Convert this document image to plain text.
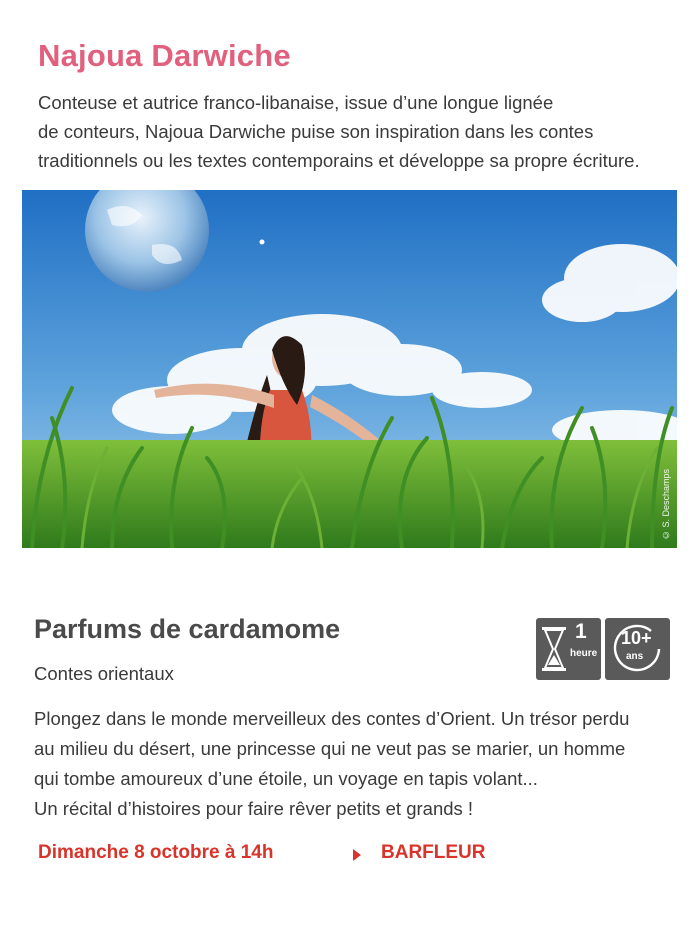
Najoua Darwiche
Conteuse et autrice franco-libanaise, issue d’une longue lignée
de conteurs, Najoua Darwiche puise son inspiration dans les contes
traditionnels ou les textes contemporains et développe sa propre écriture.
© S. Deschamps
Parfums de cardamome
Contes orientaux
1
heure
10+
ans
Plongez dans le monde merveilleux des contes d’Orient. Un trésor perdu
au milieu du désert, une princesse qui ne veut pas se marier, un homme
qui tombe amoureux d’une étoile, un voyage en tapis volant...
Un récital d’histoires pour faire rêver petits et grands !
Dimanche 8 octobre à 14h	BARFLEUR
